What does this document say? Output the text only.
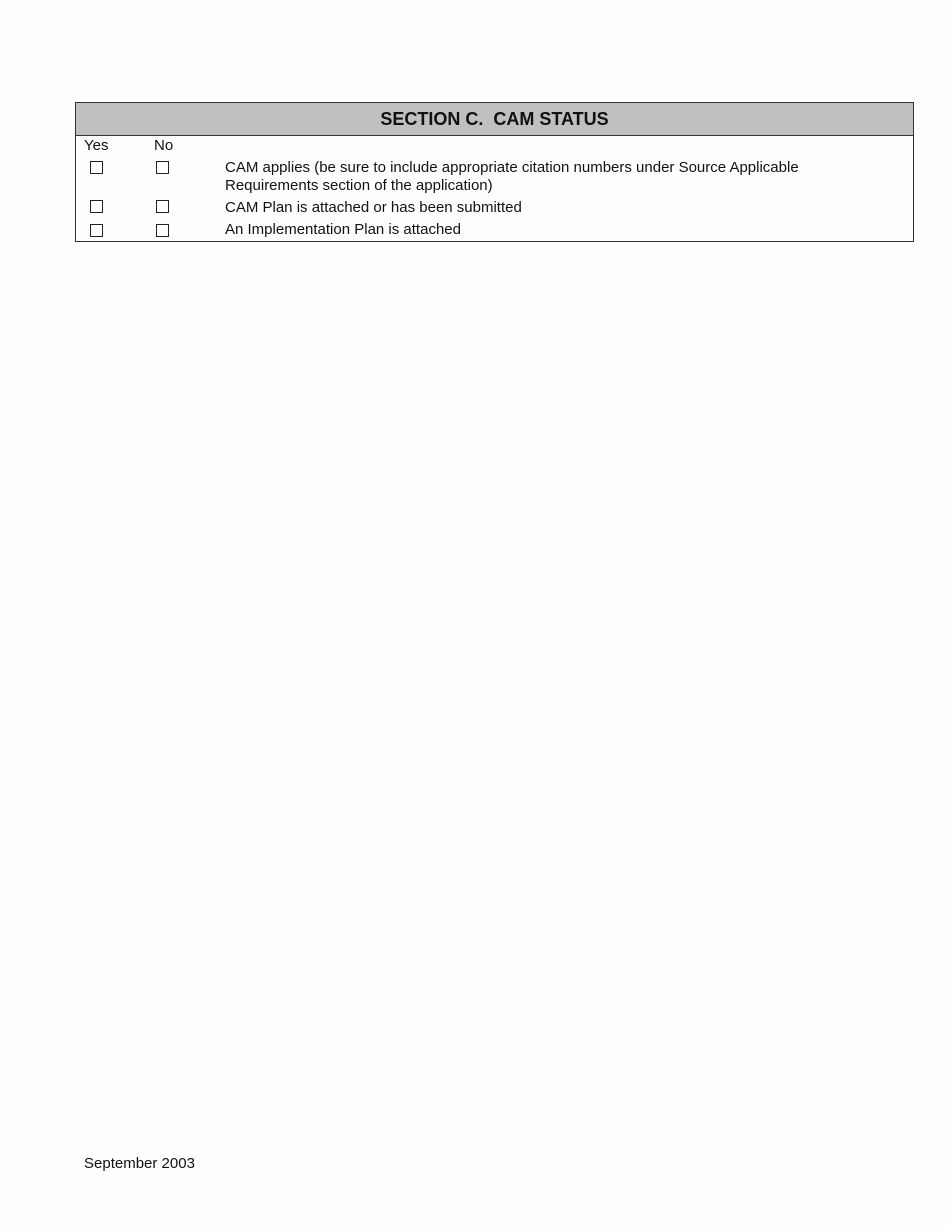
SECTION C.  CAM STATUS
Yes	No
CAM applies (be sure to include appropriate citation numbers under Source Applicable Requirements section of the application)
CAM Plan is attached or has been submitted
An Implementation Plan is attached
September 2003
